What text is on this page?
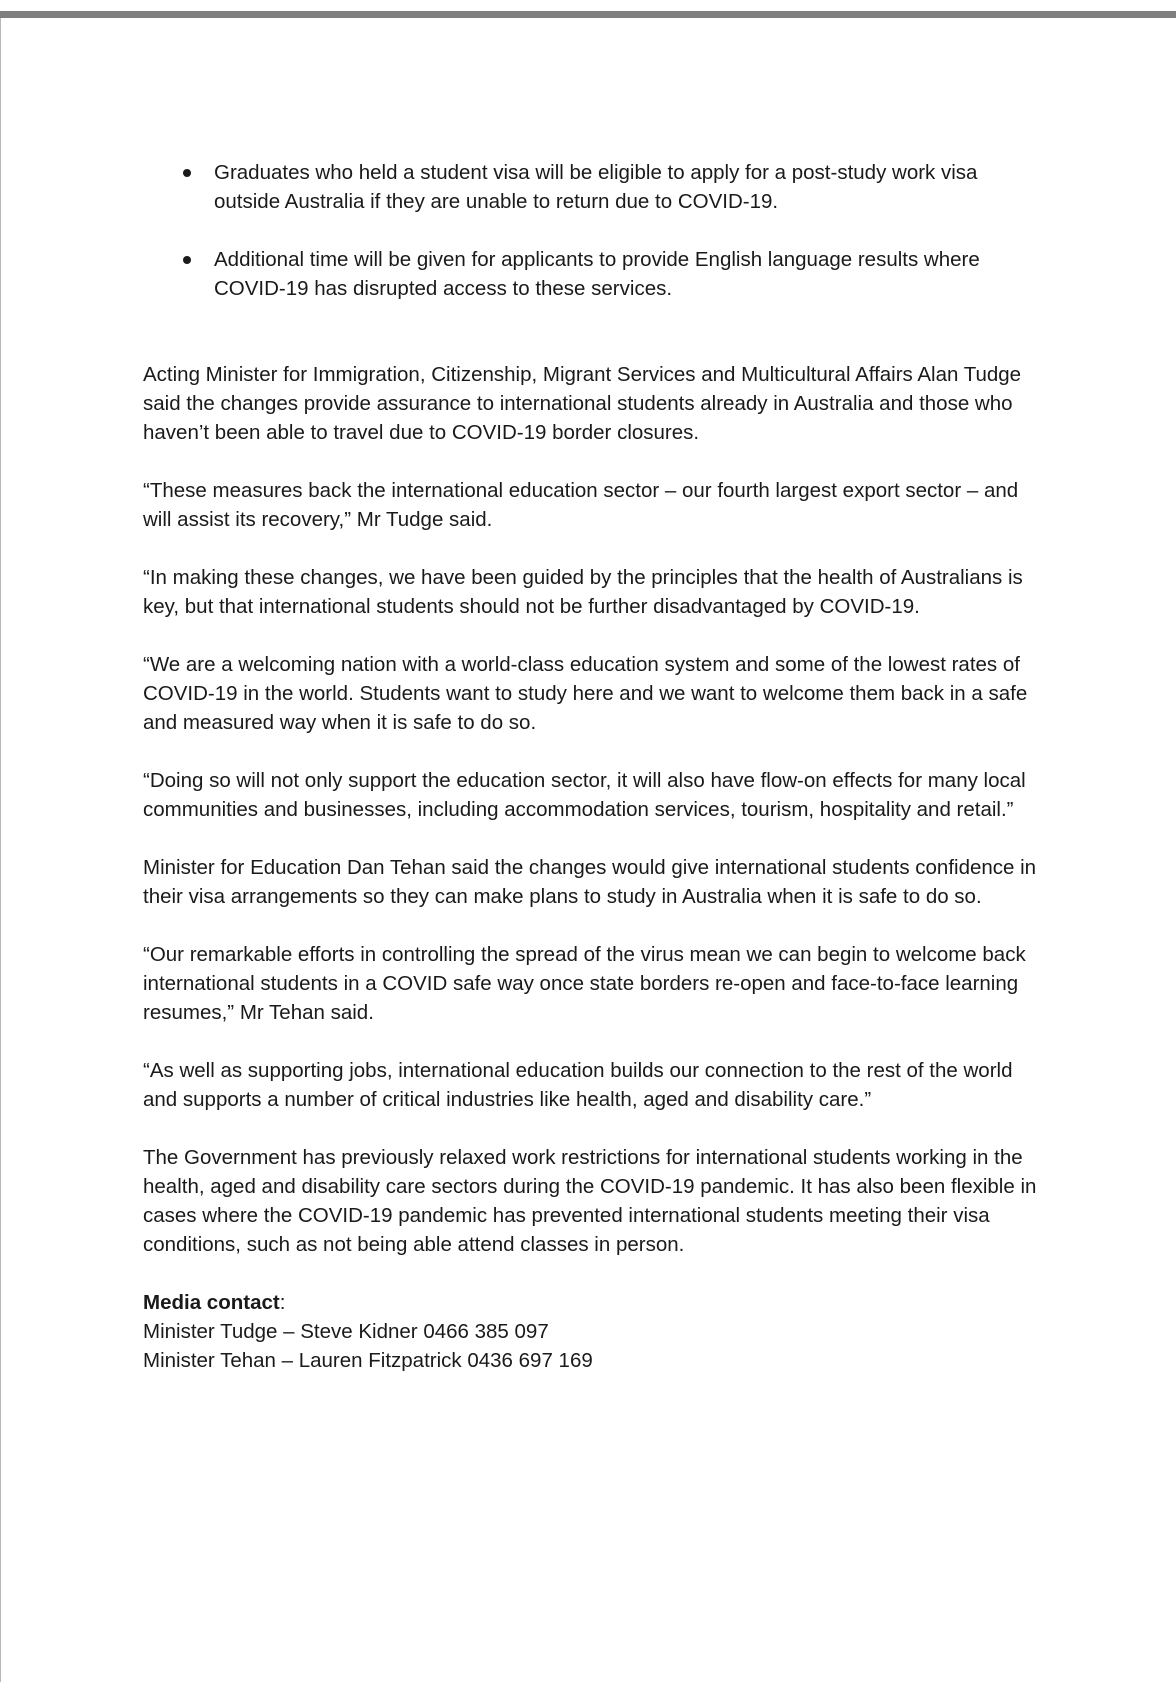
Graduates who held a student visa will be eligible to apply for a post-study work visa outside Australia if they are unable to return due to COVID-19.
Additional time will be given for applicants to provide English language results where COVID-19 has disrupted access to these services.

Acting Minister for Immigration, Citizenship, Migrant Services and Multicultural Affairs Alan Tudge said the changes provide assurance to international students already in Australia and those who haven’t been able to travel due to COVID-19 border closures.

“These measures back the international education sector – our fourth largest export sector – and will assist its recovery,” Mr Tudge said.

“In making these changes, we have been guided by the principles that the health of Australians is key, but that international students should not be further disadvantaged by COVID-19.

“We are a welcoming nation with a world-class education system and some of the lowest rates of COVID-19 in the world. Students want to study here and we want to welcome them back in a safe and measured way when it is safe to do so.

“Doing so will not only support the education sector, it will also have flow-on effects for many local communities and businesses, including accommodation services, tourism, hospitality and retail.”

Minister for Education Dan Tehan said the changes would give international students confidence in their visa arrangements so they can make plans to study in Australia when it is safe to do so.

“Our remarkable efforts in controlling the spread of the virus mean we can begin to welcome back international students in a COVID safe way once state borders re-open and face-to-face learning resumes,” Mr Tehan said.

“As well as supporting jobs, international education builds our connection to the rest of the world and supports a number of critical industries like health, aged and disability care.”

The Government has previously relaxed work restrictions for international students working in the health, aged and disability care sectors during the COVID-19 pandemic. It has also been flexible in cases where the COVID-19 pandemic has prevented international students meeting their visa conditions, such as not being able attend classes in person.

Media contact:

Minister Tudge – Steve Kidner 0466 385 097

Minister Tehan – Lauren Fitzpatrick 0436 697 169
